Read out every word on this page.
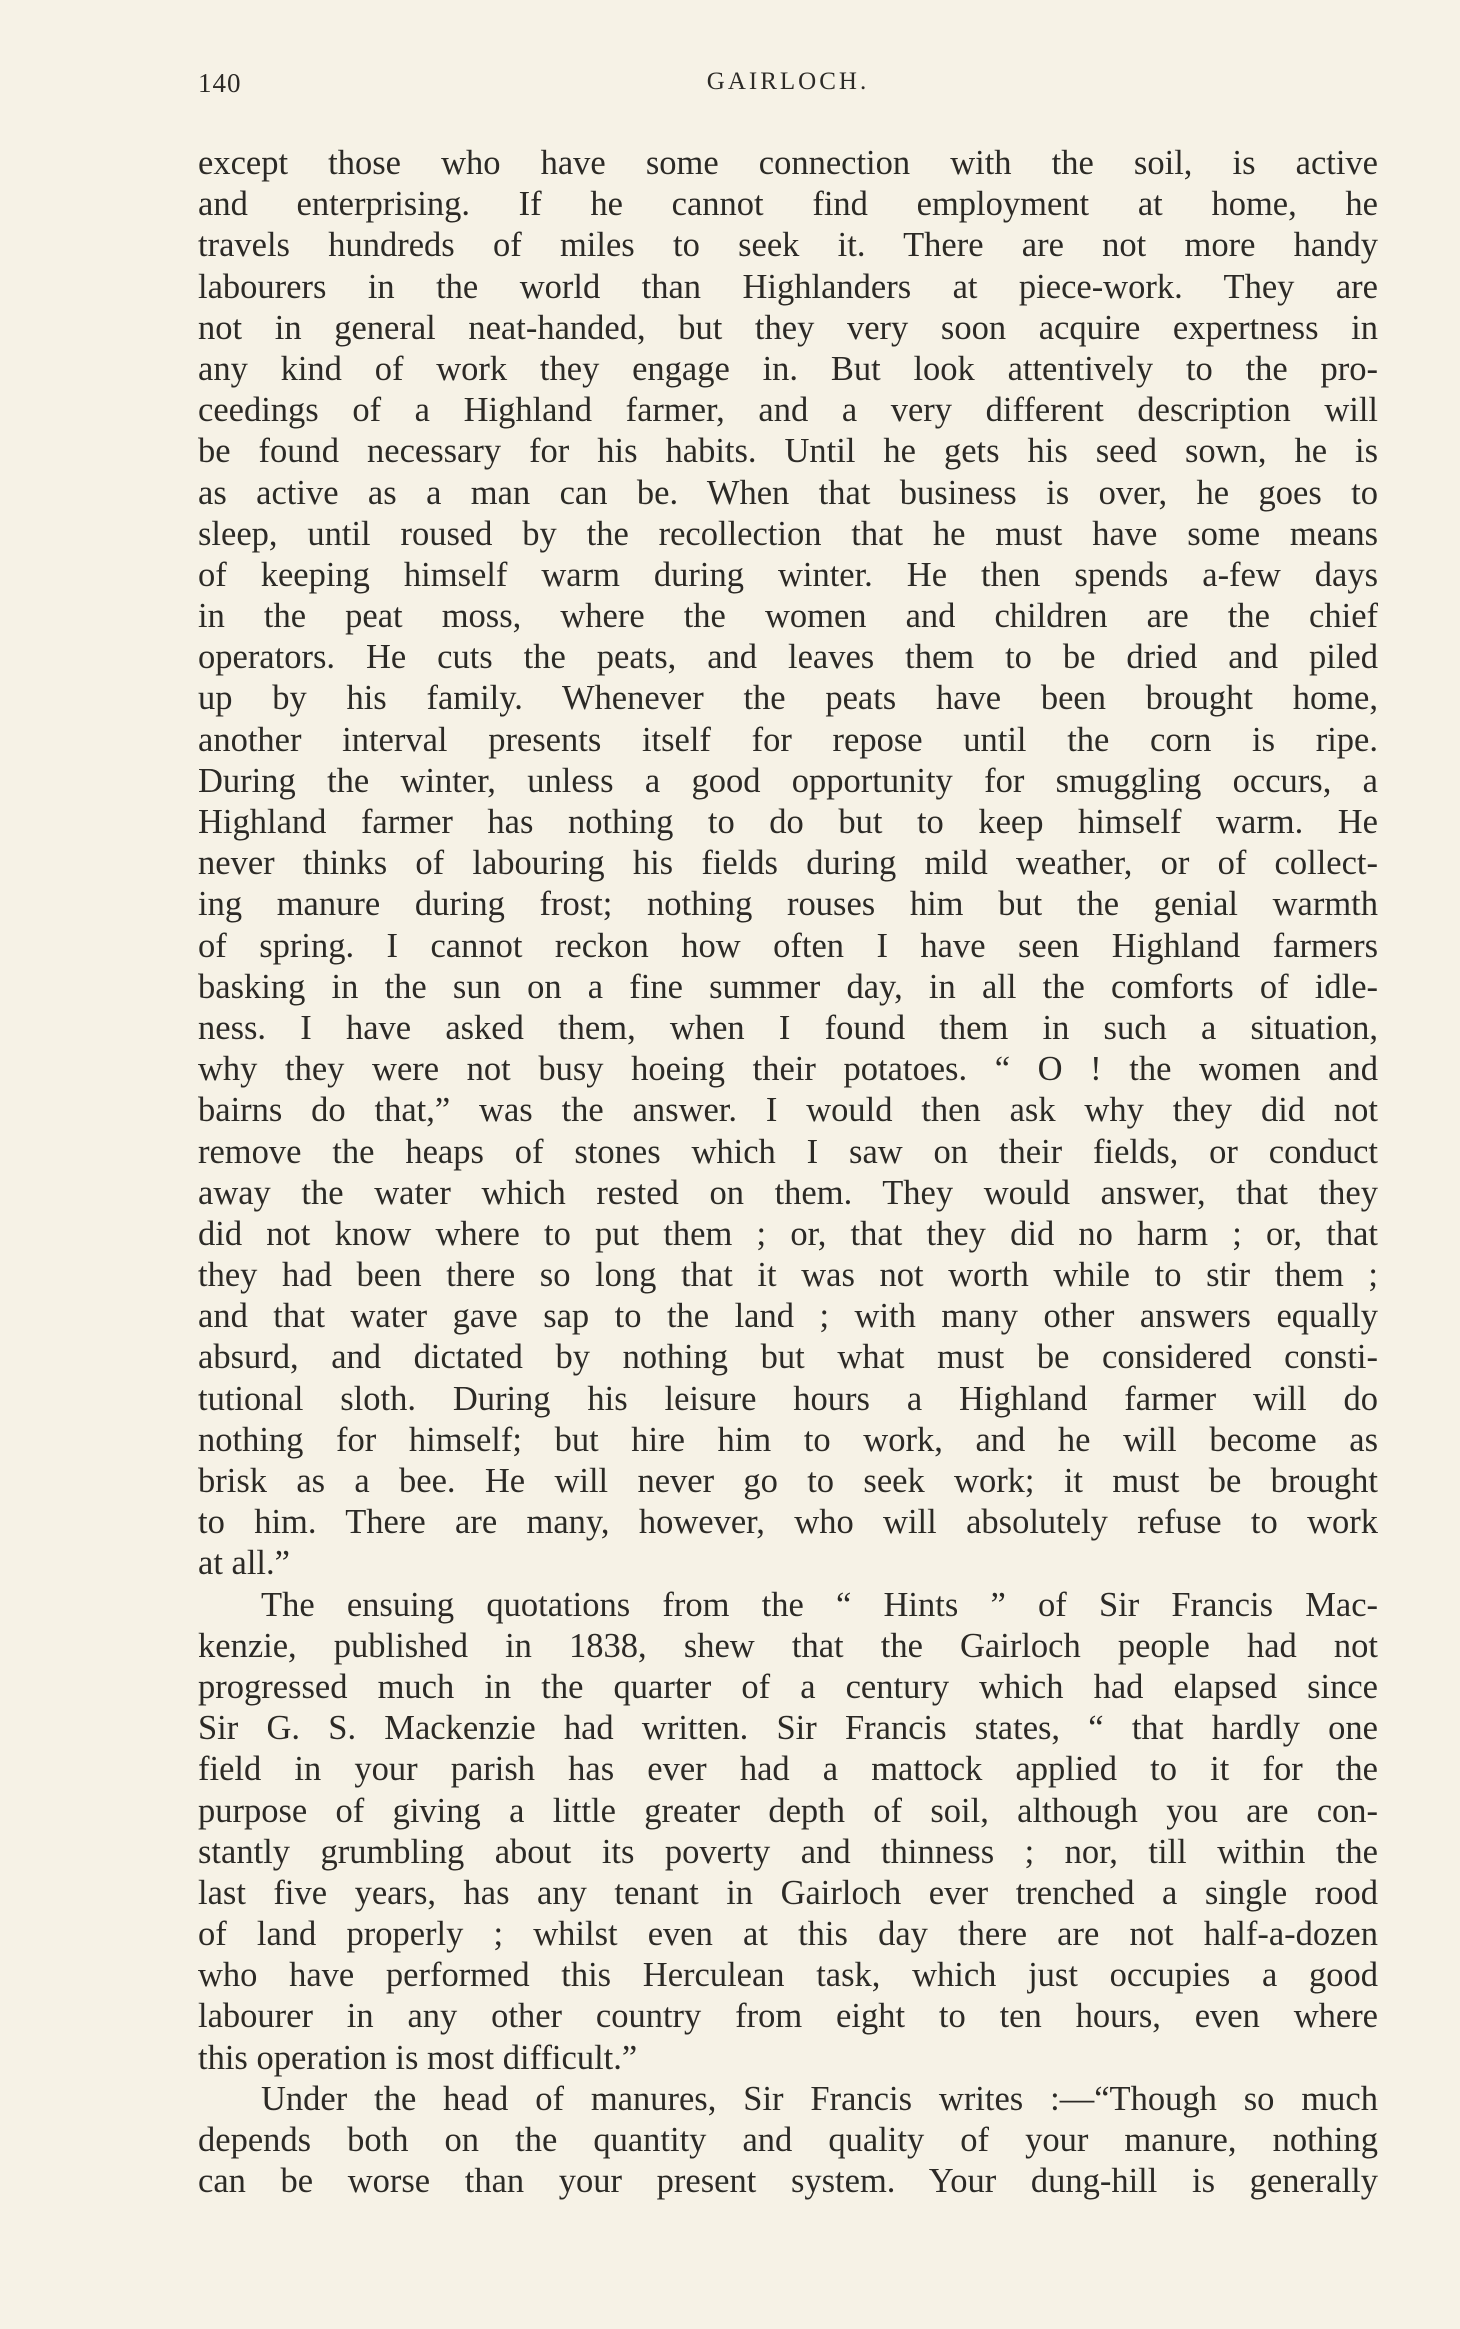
140	GAIRLOCH.
except those who have some connection with the soil, is active
and enterprising. If he cannot find employment at home, he
travels hundreds of miles to seek it. There are not more handy
labourers in the world than Highlanders at piece-work. They are
not in general neat-handed, but they very soon acquire expertness in
any kind of work they engage in. But look attentively to the pro-
ceedings of a Highland farmer, and a very different description will
be found necessary for his habits. Until he gets his seed sown, he is
as active as a man can be. When that business is over, he goes to
sleep, until roused by the recollection that he must have some means
of keeping himself warm during winter. He then spends a-few days
in the peat moss, where the women and children are the chief
operators. He cuts the peats, and leaves them to be dried and piled
up by his family. Whenever the peats have been brought home,
another interval presents itself for repose until the corn is ripe.
During the winter, unless a good opportunity for smuggling occurs, a
Highland farmer has nothing to do but to keep himself warm. He
never thinks of labouring his fields during mild weather, or of collect-
ing manure during frost; nothing rouses him but the genial warmth
of spring. I cannot reckon how often I have seen Highland farmers
basking in the sun on a fine summer day, in all the comforts of idle-
ness. I have asked them, when I found them in such a situation,
why they were not busy hoeing their potatoes. “ O ! the women and
bairns do that,” was the answer. I would then ask why they did not
remove the heaps of stones which I saw on their fields, or conduct
away the water which rested on them. They would answer, that they
did not know where to put them ; or, that they did no harm ; or, that
they had been there so long that it was not worth while to stir them ;
and that water gave sap to the land ; with many other answers equally
absurd, and dictated by nothing but what must be considered consti-
tutional sloth. During his leisure hours a Highland farmer will do
nothing for himself; but hire him to work, and he will become as
brisk as a bee. He will never go to seek work; it must be brought
to him. There are many, however, who will absolutely refuse to work
at all.”
The ensuing quotations from the “ Hints ” of Sir Francis Mac-
kenzie, published in 1838, shew that the Gairloch people had not
progressed much in the quarter of a century which had elapsed since
Sir G. S. Mackenzie had written. Sir Francis states, “ that hardly one
field in your parish has ever had a mattock applied to it for the
purpose of giving a little greater depth of soil, although you are con-
stantly grumbling about its poverty and thinness ; nor, till within the
last five years, has any tenant in Gairloch ever trenched a single rood
of land properly ; whilst even at this day there are not half-a-dozen
who have performed this Herculean task, which just occupies a good
labourer in any other country from eight to ten hours, even where
this operation is most difficult.”
Under the head of manures, Sir Francis writes :—“Though so much
depends both on the quantity and quality of your manure, nothing
can be worse than your present system. Your dung-hill is generally
